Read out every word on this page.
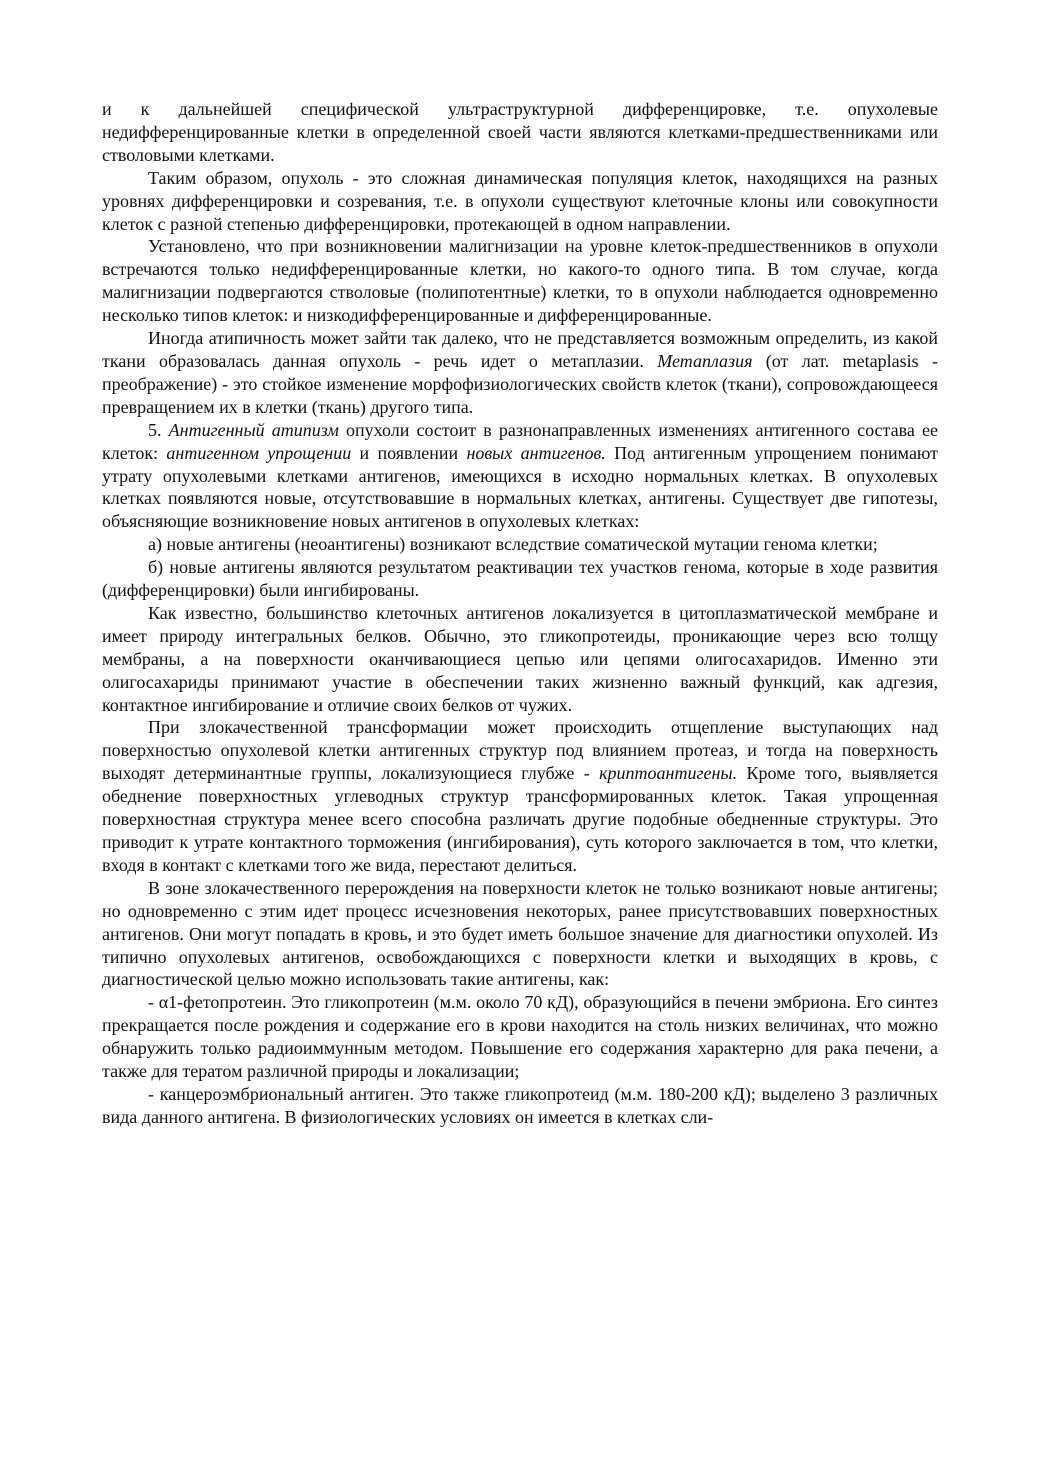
и к дальнейшей специфической ультраструктурной дифференцировке, т.е. опухолевые недифференцированные клетки в определенной своей части являются клетками-предшественниками или стволовыми клетками.

Таким образом, опухоль - это сложная динамическая популяция клеток, находящихся на разных уровнях дифференцировки и созревания, т.е. в опухоли существуют клеточные клоны или совокупности клеток с разной степенью дифференцировки, протекающей в одном направлении.

Установлено, что при возникновении малигнизации на уровне клеток-предшественников в опухоли встречаются только недифференцированные клетки, но какого-то одного типа. В том случае, когда малигнизации подвергаются стволовые (полипотентные) клетки, то в опухоли наблюдается одновременно несколько типов клеток: и низкодифференцированные и дифференцированные.

Иногда атипичность может зайти так далеко, что не представляется возможным определить, из какой ткани образовалась данная опухоль - речь идет о метаплазии. Метаплазия (от лат. metaplasis - преображение) - это стойкое изменение морфофизиологических свойств клеток (ткани), сопровождающееся превращением их в клетки (ткань) другого типа.

5. Антигенный атипизм опухоли состоит в разнонаправленных изменениях антигенного состава ее клеток: антигенном упрощении и появлении новых антигенов. Под антигенным упрощением понимают утрату опухолевыми клетками антигенов, имеющихся в исходно нормальных клетках. В опухолевых клетках появляются новые, отсутствовавшие в нормальных клетках, антигены. Существует две гипотезы, объясняющие возникновение новых антигенов в опухолевых клетках:

а) новые антигены (неоантигены) возникают вследствие соматической мутации генома клетки;

б) новые антигены являются результатом реактивации тех участков генома, которые в ходе развития (дифференцировки) были ингибированы.

Как известно, большинство клеточных антигенов локализуется в цитоплазматической мембране и имеет природу интегральных белков. Обычно, это гликопротеиды, проникающие через всю толщу мембраны, а на поверхности оканчивающиеся цепью или цепями олигосахаридов. Именно эти олигосахариды принимают участие в обеспечении таких жизненно важный функций, как адгезия, контактное ингибирование и отличие своих белков от чужих.

При злокачественной трансформации может происходить отщепление выступающих над поверхностью опухолевой клетки антигенных структур под влиянием протеаз, и тогда на поверхность выходят детерминантные группы, локализующиеся глубже - криптоантигены. Кроме того, выявляется обеднение поверхностных углеводных структур трансформированных клеток. Такая упрощенная поверхностная структура менее всего способна различать другие подобные обедненные структуры. Это приводит к утрате контактного торможения (ингибирования), суть которого заключается в том, что клетки, входя в контакт с клетками того же вида, перестают делиться.

В зоне злокачественного перерождения на поверхности клеток не только возникают новые антигены; но одновременно с этим идет процесс исчезновения некоторых, ранее присутствовавших поверхностных антигенов. Они могут попадать в кровь, и это будет иметь большое значение для диагностики опухолей. Из типично опухолевых антигенов, освобождающихся с поверхности клетки и выходящих в кровь, с диагностической целью можно использовать такие антигены, как:

- α1-фетопротеин. Это гликопротеин (м.м. около 70 кД), образующийся в печени эмбриона. Его синтез прекращается после рождения и содержание его в крови находится на столь низких величинах, что можно обнаружить только радиоиммунным методом. Повышение его содержания характерно для рака печени, а также для тератом различной природы и локализации;

- канцероэмбриональный антиген. Это также гликопротеид (м.м. 180-200 кД); выделено 3 различных вида данного антигена. В физиологических условиях он имеется в клетках сли-
